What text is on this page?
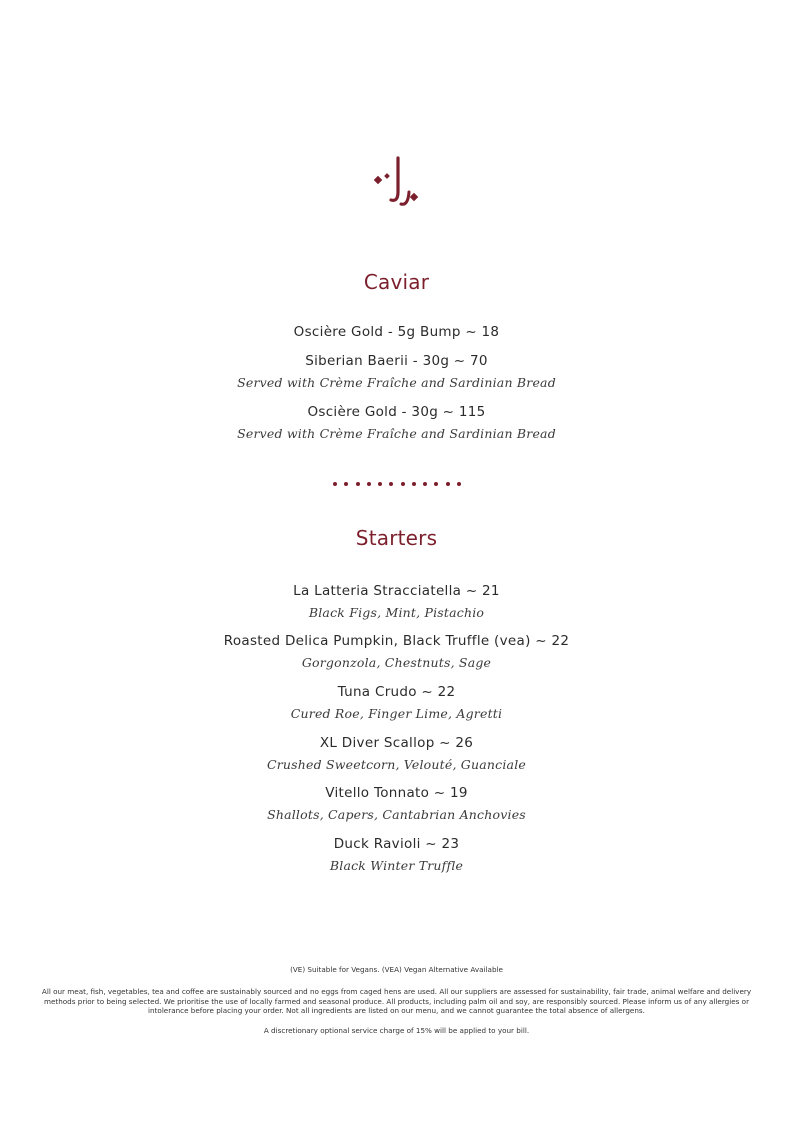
Caviar
Oscière Gold - 5g Bump ~ 18
Siberian Baerii - 30g ~ 70
Served with Crème Fraîche and Sardinian Bread
Oscière Gold - 30g ~ 115
Served with Crème Fraîche and Sardinian Bread
Starters
La Latteria Stracciatella ~ 21
Black Figs, Mint, Pistachio
Roasted Delica Pumpkin, Black Truffle (vea) ~ 22
Gorgonzola, Chestnuts, Sage
Tuna Crudo ~ 22
Cured Roe, Finger Lime, Agretti
XL Diver Scallop ~ 26
Crushed Sweetcorn, Velouté, Guanciale
Vitello Tonnato ~ 19
Shallots, Capers, Cantabrian Anchovies
Duck Ravioli ~ 23
Black Winter Truffle
(VE) Suitable for Vegans. (VEA) Vegan Alternative Available
All our meat, fish, vegetables, tea and coffee are sustainably sourced and no eggs from caged hens are used. All our suppliers are assessed for sustainability, fair trade, animal welfare and delivery methods prior to being selected. We prioritise the use of locally farmed and seasonal produce. All products, including palm oil and soy, are responsibly sourced. Please inform us of any allergies or intolerance before placing your order. Not all ingredients are listed on our menu, and we cannot guarantee the total absence of allergens.
A discretionary optional service charge of 15% will be applied to your bill.
